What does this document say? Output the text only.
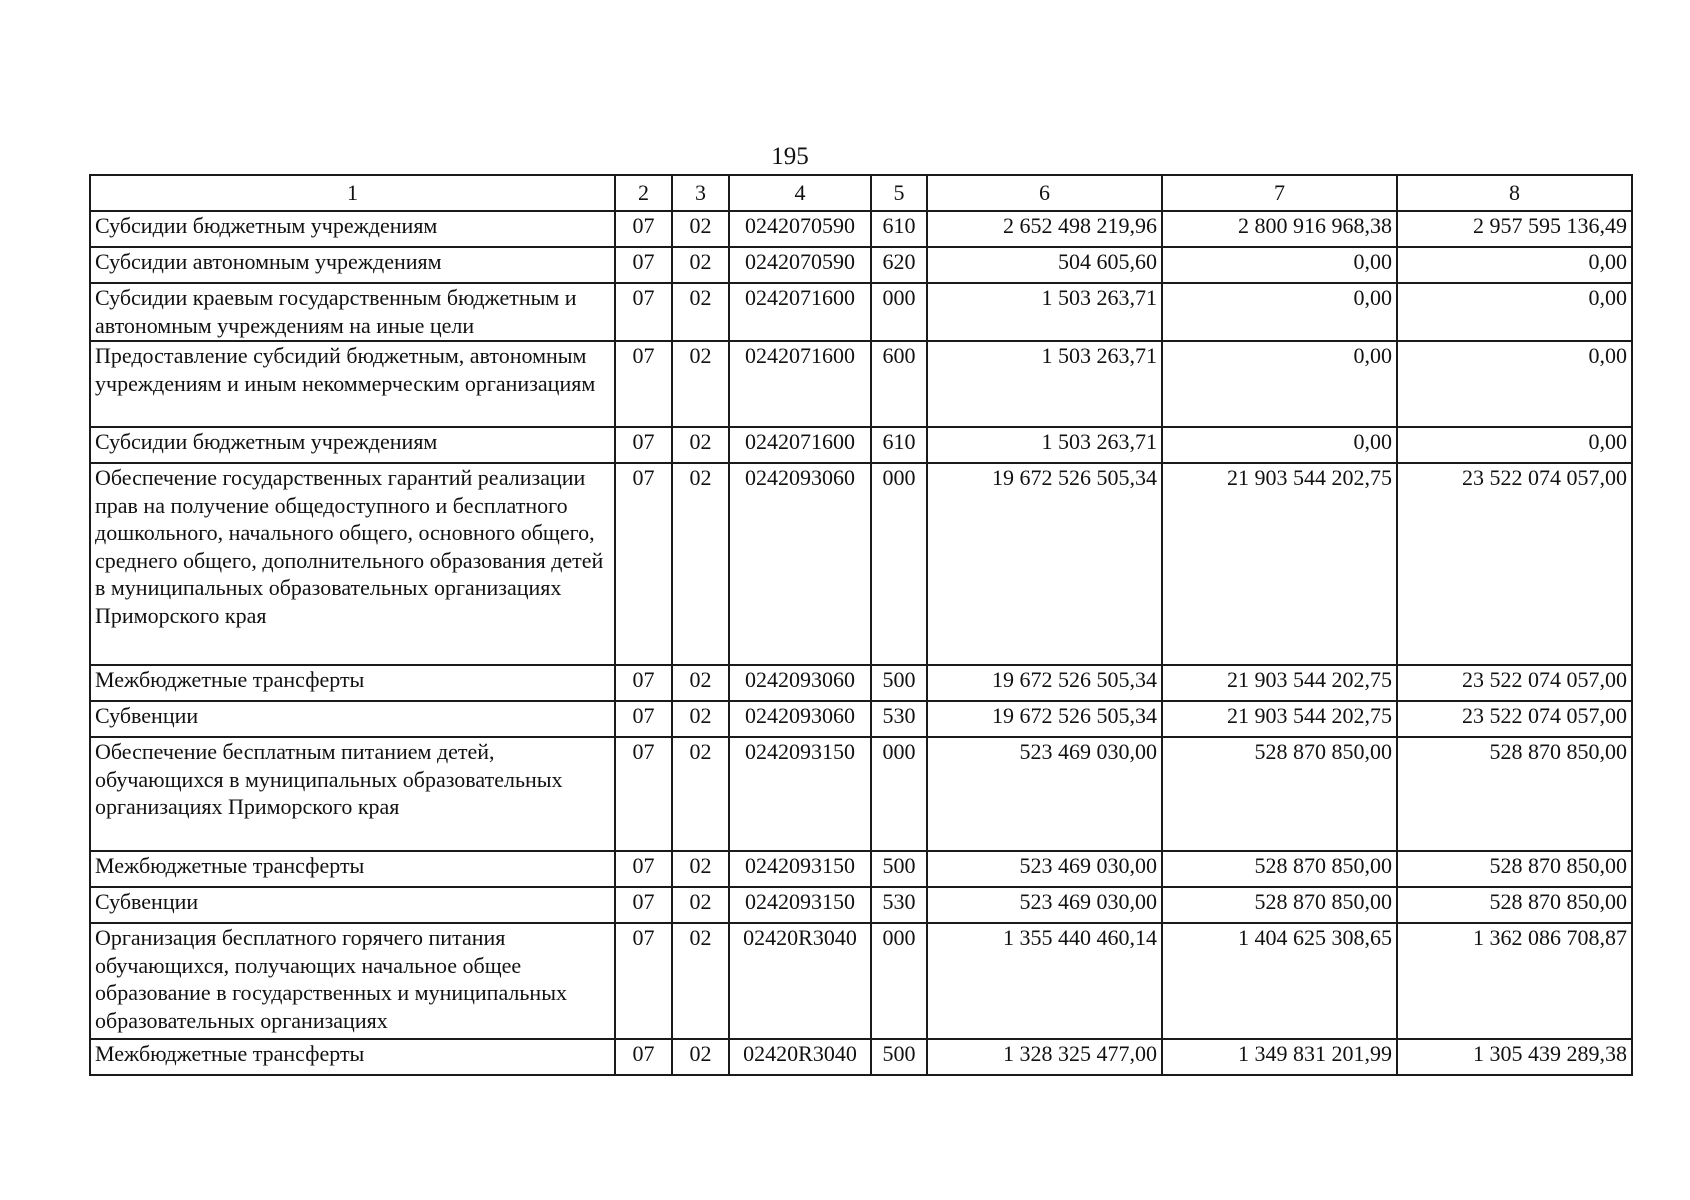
195
1	2	3	4	5	6	7	8
Субсидии бюджетным учреждениям	07	02	0242070590	610	2 652 498 219,96	2 800 916 968,38	2 957 595 136,49
Субсидии автономным учреждениям	07	02	0242070590	620	504 605,60	0,00	0,00
Субсидии краевым государственным бюджетным и автономным учреждениям на иные цели	07	02	0242071600	000	1 503 263,71	0,00	0,00
Предоставление субсидий бюджетным, автономным учреждениям и иным некоммерческим организациям	07	02	0242071600	600	1 503 263,71	0,00	0,00
Субсидии бюджетным учреждениям	07	02	0242071600	610	1 503 263,71	0,00	0,00
Обеспечение государственных гарантий реализации прав на получение общедоступного и бесплатного дошкольного, начального общего, основного общего, среднего общего, дополнительного образования детей в муниципальных образовательных организациях Приморского края	07	02	0242093060	000	19 672 526 505,34	21 903 544 202,75	23 522 074 057,00
Межбюджетные трансферты	07	02	0242093060	500	19 672 526 505,34	21 903 544 202,75	23 522 074 057,00
Субвенции	07	02	0242093060	530	19 672 526 505,34	21 903 544 202,75	23 522 074 057,00
Обеспечение бесплатным питанием детей, обучающихся в муниципальных образовательных организациях Приморского края	07	02	0242093150	000	523 469 030,00	528 870 850,00	528 870 850,00
Межбюджетные трансферты	07	02	0242093150	500	523 469 030,00	528 870 850,00	528 870 850,00
Субвенции	07	02	0242093150	530	523 469 030,00	528 870 850,00	528 870 850,00
Организация бесплатного горячего питания обучающихся, получающих начальное общее образование в государственных и муниципальных образовательных организациях	07	02	02420R3040	000	1 355 440 460,14	1 404 625 308,65	1 362 086 708,87
Межбюджетные трансферты	07	02	02420R3040	500	1 328 325 477,00	1 349 831 201,99	1 305 439 289,38
